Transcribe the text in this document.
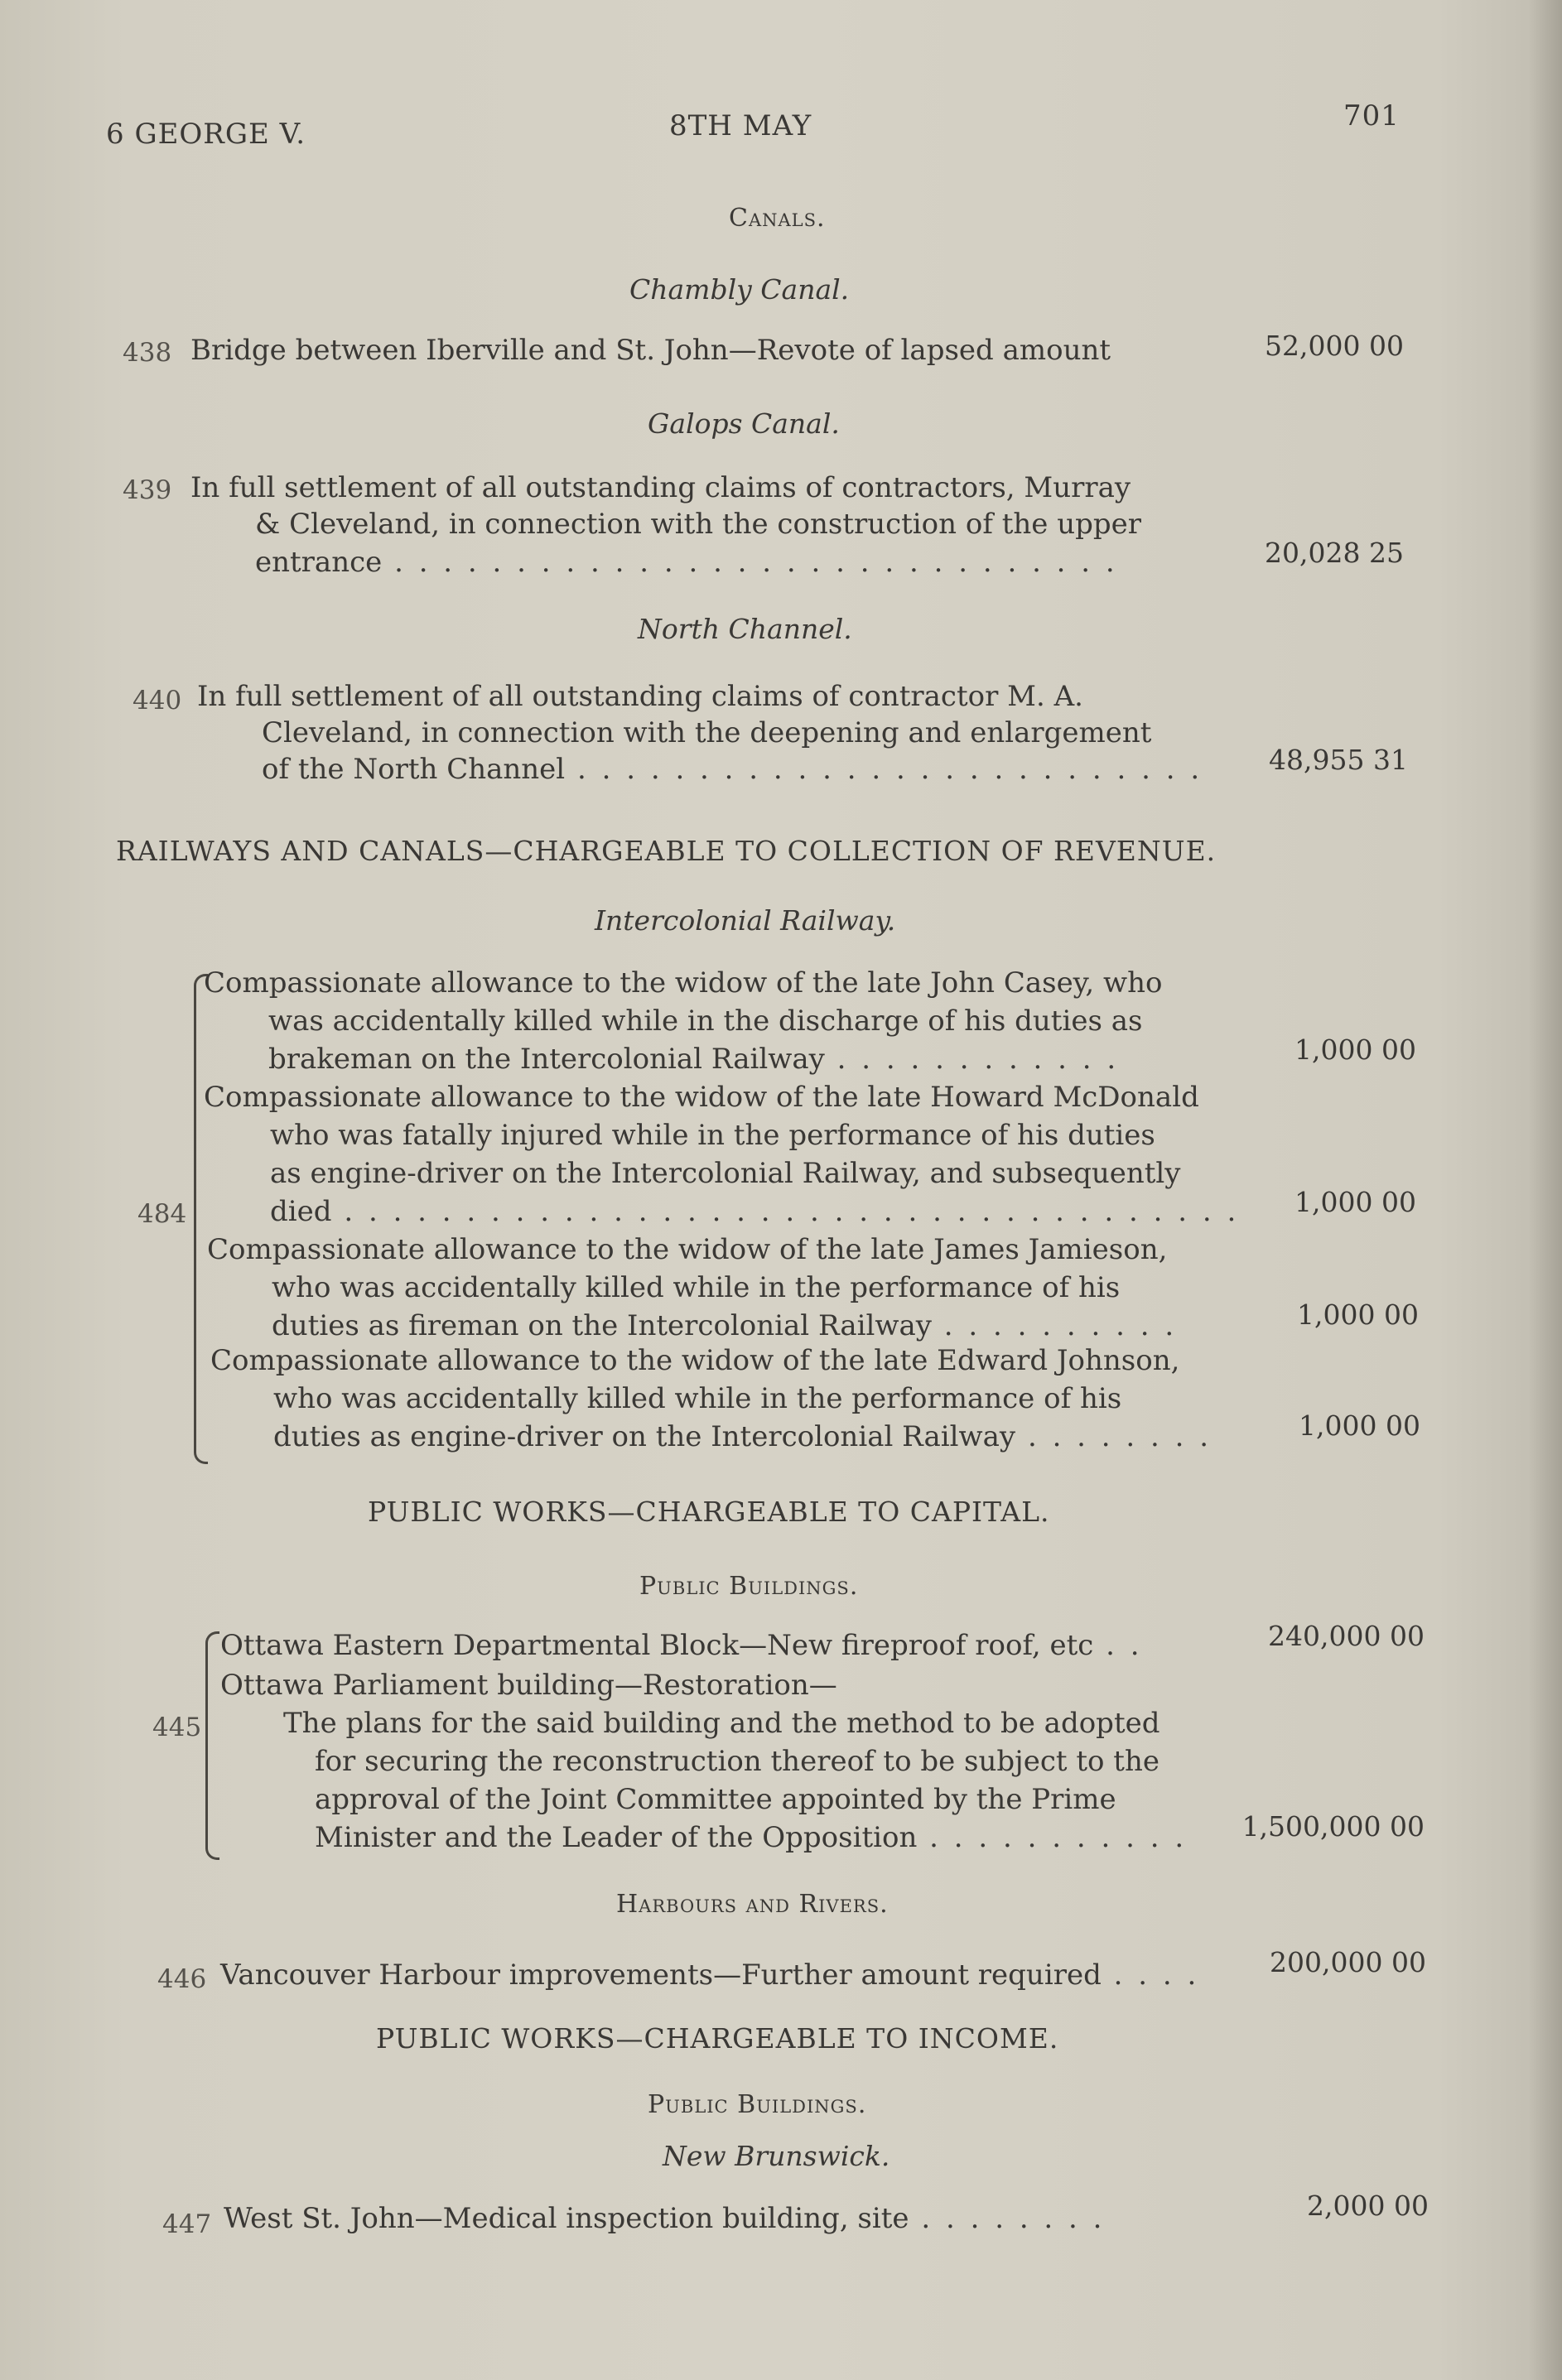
6 GEORGE V.	8TH MAY	701
Canals.
Chambly Canal.
438 Bridge between Iberville and St. John—Revote of lapsed amount	52,000 00
Galops Canal.
439 In full settlement of all outstanding claims of contractors, Murray
& Cleveland, in connection with the construction of the upper
entrance . . . . . . . . . . . . . . . . . . . . . . . . . . . . . .	20,028 25
North Channel.
440 In full settlement of all outstanding claims of contractor M. A.
Cleveland, in connection with the deepening and enlargement
of the North Channel . . . . . . . . . . . . . . . . . . . . . . . . . . 48,955 31
RAILWAYS AND CANALS—CHARGEABLE TO COLLECTION OF REVENUE.
Intercolonial Railway.
484
Compassionate allowance to the widow of the late John Casey, who
was accidentally killed while in the discharge of his duties as
brakeman on the Intercolonial Railway . . . . . . . . . . . .	1,000 00
Compassionate allowance to the widow of the late Howard McDonald
who was fatally injured while in the performance of his duties
as engine-driver on the Intercolonial Railway, and subsequently
died . . . . . . . . . . . . . . . . . . . . . . . . . . . . . . . . . . . . .	1,000 00
Compassionate allowance to the widow of the late James Jamieson,
who was accidentally killed while in the performance of his
duties as fireman on the Intercolonial Railway . . . . . . . . . .	1,000 00
Compassionate allowance to the widow of the late Edward Johnson,
who was accidentally killed while in the performance of his
duties as engine-driver on the Intercolonial Railway . . . . . . . .	1,000 00
PUBLIC WORKS—CHARGEABLE TO CAPITAL.
Public Buildings.
445
Ottawa Eastern Departmental Block—New fireproof roof, etc . .	240,000 00
Ottawa Parliament building—Restoration—
The plans for the said building and the method to be adopted
for securing the reconstruction thereof to be subject to the
approval of the Joint Committee appointed by the Prime
Minister and the Leader of the Opposition . . . . . . . . . . .	1,500,000 00
Harbours and Rivers.
446 Vancouver Harbour improvements—Further amount required . . . .	200,000 00
PUBLIC WORKS—CHARGEABLE TO INCOME.
Public Buildings.
New Brunswick.
447 West St. John—Medical inspection building, site . . . . . . . .	2,000 00
